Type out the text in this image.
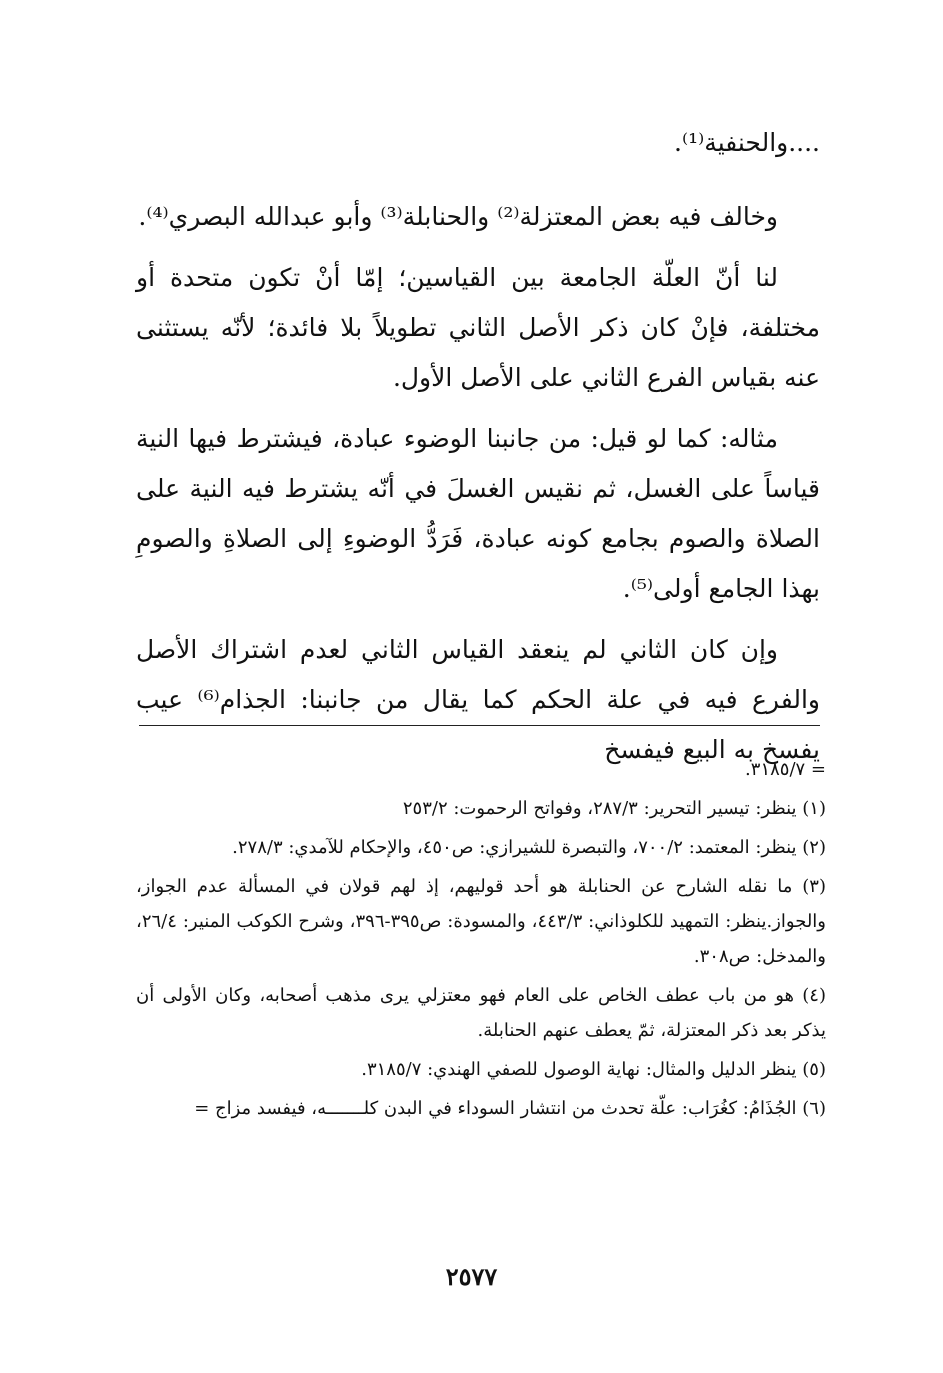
....والحنفية⁽¹⁾.

وخالف فيه بعض المعتزلة⁽²⁾ والحنابلة⁽³⁾ وأبو عبدالله البصري⁽⁴⁾.

لنا أنّ العلّة الجامعة بين القياسين؛ إمّا أنْ تكون متحدة أو مختلفة، فإنْ كان ذكر الأصل الثاني تطويلاً بلا فائدة؛ لأنّه يستثنى عنه بقياس الفرع الثاني على الأصل الأول.

مثاله: كما لو قيل: من جانبنا الوضوء عبادة، فيشترط فيها النية قياساً على الغسل، ثم نقيس الغسلَ في أنّه يشترط فيه النية على الصلاة والصوم بجامع كونه عبادة، فَرَدُّ الوضوءِ إلى الصلاةِ والصومِ بهذا الجامع أولى⁽⁵⁾.

وإن كان الثاني لم ينعقد القياس الثاني لعدم اشتراك الأصل والفرع فيه في علة الحكم كما يقال من جانبنا: الجذام⁽⁶⁾ عيب يفسخ به البيع فيفسخ

= ٣١٨٥/٧.

(١) ينظر: تيسير التحرير: ٢٨٧/٣، وفواتح الرحموت: ٢٥٣/٢

(٢) ينظر: المعتمد: ٧٠٠/٢، والتبصرة للشيرازي: ص٤٥٠، والإحكام للآمدي: ٢٧٨/٣.

(٣) ما نقله الشارح عن الحنابلة هو أحد قوليهم، إذ لهم قولان في المسألة عدم الجواز، والجواز.ينظر: التمهيد للكلوذاني: ٤٤٣/٣، والمسودة: ص٣٩٥-٣٩٦، وشرح الكوكب المنير: ٢٦/٤، والمدخل: ص٣٠٨.

(٤) هو من باب عطف الخاص على العام فهو معتزلي يرى مذهب أصحابه، وكان الأولى أن يذكر بعد ذكر المعتزلة، ثمّ يعطف عنهم الحنابلة.

(٥) ينظر الدليل والمثال: نهاية الوصول للصفي الهندي: ٣١٨٥/٧.

(٦) الجُذَامُ: كغُرَاب: علّة تحدث من انتشار السوداء في البدن كلـــــــه، فيفسد مزاج =

٢٥٧٧
